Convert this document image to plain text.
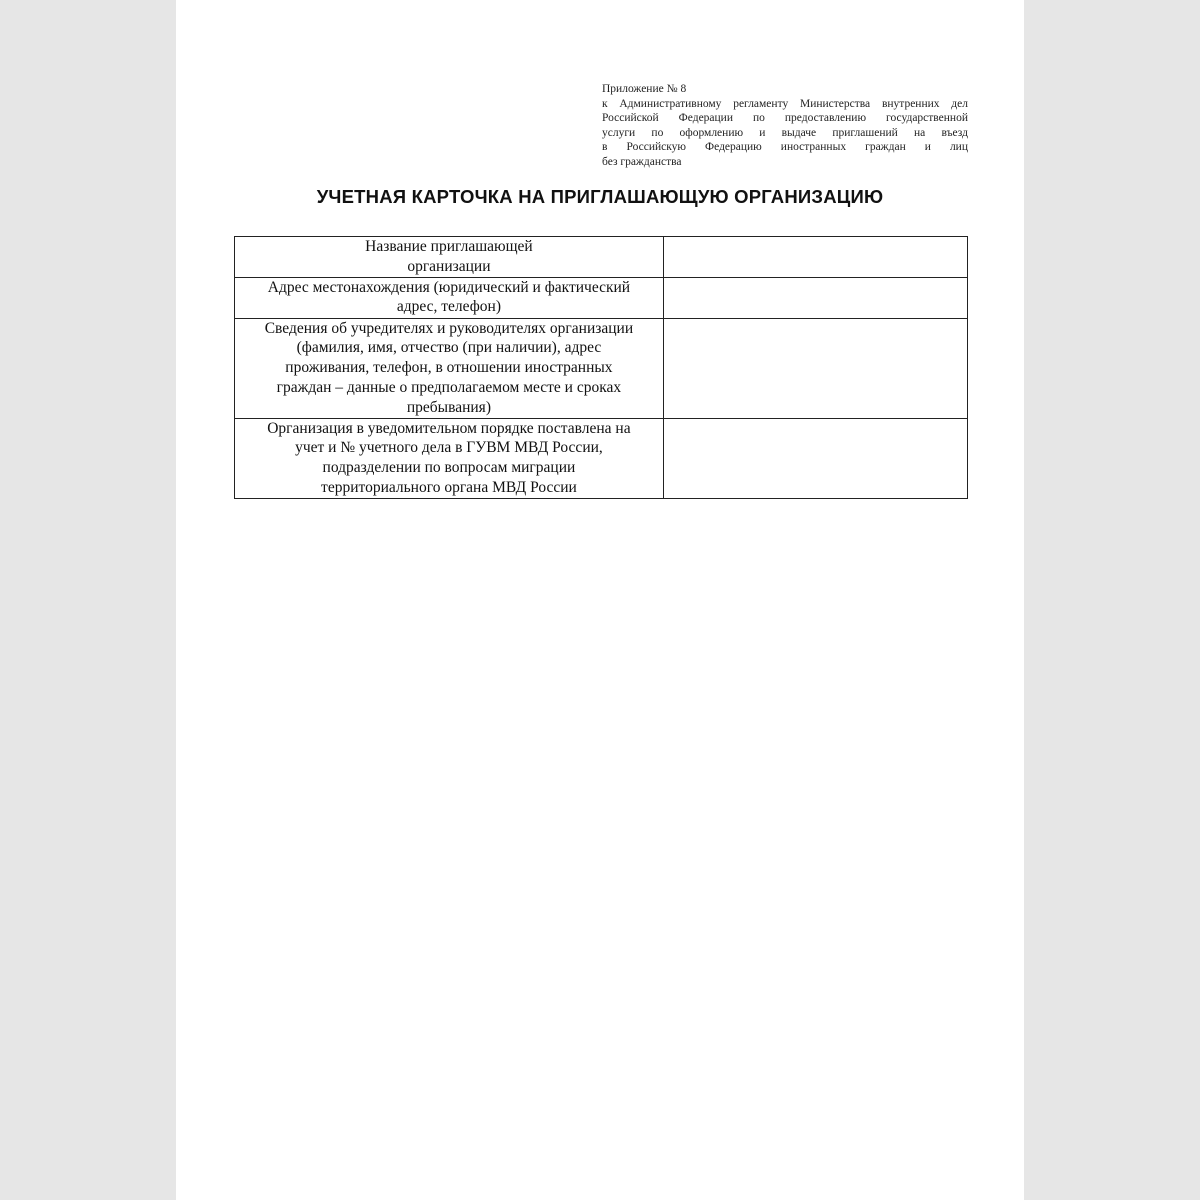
Приложение № 8
к Административному регламенту Министерства внутренних дел
Российской Федерации по предоставлению государственной
услуги по оформлению и выдаче приглашений на въезд
в Российскую Федерацию иностранных граждан и лиц
без гражданства
УЧЕТНАЯ КАРТОЧКА НА ПРИГЛАШАЮЩУЮ ОРГАНИЗАЦИЮ
Название приглашающей
организации	

Адрес местонахождения (юридический и фактический
адрес, телефон)	

Сведения об учредителях и руководителях организации
(фамилия, имя, отчество (при наличии), адрес
проживания, телефон, в отношении иностранных
граждан – данные о предполагаемом месте и сроках
пребывания)	

Организация в уведомительном порядке поставлена на
учет и № учетного дела в ГУВМ МВД России,
подразделении по вопросам миграции
территориального органа МВД России	
